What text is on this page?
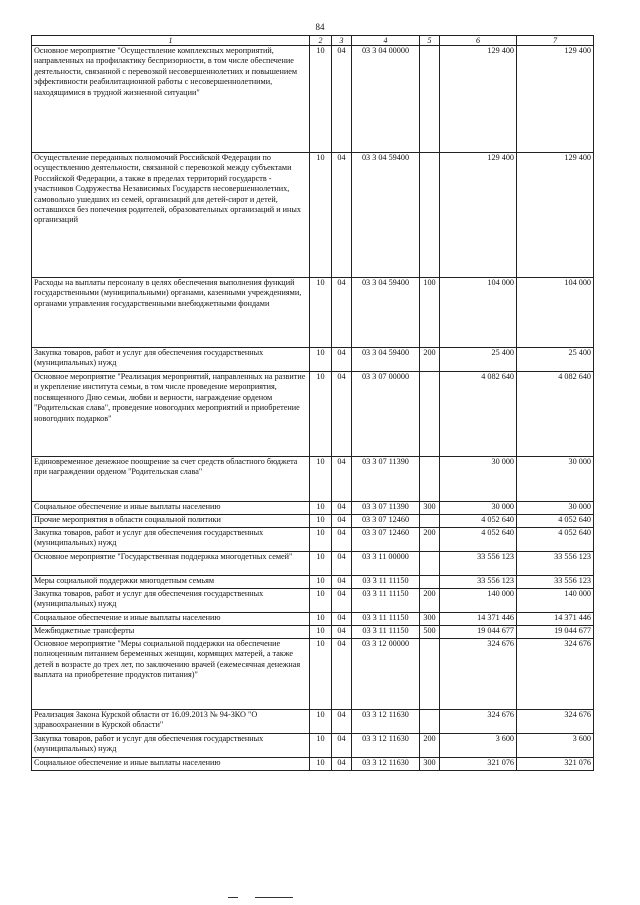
84
1	2	3	4	5	6	7
Основное мероприятие "Осуществление комплексных мероприятий, направленных на профилактику беспризорности, в том числе обеспечение деятельности, связанной с перевозкой несовершеннолетних и повышением эффективности реабилитационной работы с несовершеннолетними, находящимися в трудной жизненной ситуации"	10	04	03 3 04 00000		129 400	129 400
Осуществление переданных полномочий Российской Федерации по осуществлению деятельности, связанной с перевозкой между субъектами Российской Федерации, а также в пределах территорий государств - участников Содружества Независимых Государств несовершеннолетних, самовольно ушедших из семей, организаций для детей-сирот и детей, оставшихся без попечения родителей, образовательных организаций и иных организаций	10	04	03 3 04 59400		129 400	129 400
Расходы на выплаты персоналу в целях обеспечения выполнения функций государственными (муниципальными) органами, казенными учреждениями, органами управления государственными внебюджетными фондами	10	04	03 3 04 59400	100	104 000	104 000
Закупка товаров, работ и услуг для обеспечения государственных (муниципальных) нужд	10	04	03 3 04 59400	200	25 400	25 400
Основное мероприятие "Реализация мероприятий, направленных на развитие и укрепление института семьи, в том числе проведение мероприятия, посвященного Дню семьи, любви и верности, награждение орденом "Родительская слава", проведение новогодних мероприятий и приобретение новогодних подарков"	10	04	03 3 07 00000		4 082 640	4 082 640
Единовременное денежное поощрение за счет средств областного бюджета при награждении орденом "Родительская слава"	10	04	03 3 07 11390		30 000	30 000
Социальное обеспечение и иные выплаты населению	10	04	03 3 07 11390	300	30 000	30 000
Прочие мероприятия в области социальной политики	10	04	03 3 07 12460		4 052 640	4 052 640
Закупка товаров, работ и услуг для обеспечения государственных (муниципальных) нужд	10	04	03 3 07 12460	200	4 052 640	4 052 640
Основное мероприятие "Государственная поддержка многодетных семей"	10	04	03 3 11 00000		33 556 123	33 556 123
Меры социальной поддержки многодетным семьям	10	04	03 3 11 11150		33 556 123	33 556 123
Закупка товаров, работ и услуг для обеспечения государственных (муниципальных) нужд	10	04	03 3 11 11150	200	140 000	140 000
Социальное обеспечение и иные выплаты населению	10	04	03 3 11 11150	300	14 371 446	14 371 446
Межбюджетные трансферты	10	04	03 3 11 11150	500	19 044 677	19 044 677
Основное мероприятие "Меры социальной поддержки на обеспечение полноценным питанием беременных женщин, кормящих матерей, а также детей в возрасте до трех лет, по заключению врачей (ежемесячная денежная выплата на приобретение продуктов питания)"	10	04	03 3 12 00000		324 676	324 676
Реализация Закона Курской области от 16.09.2013 № 94-ЗКО "О здравоохранении в Курской области"	10	04	03 3 12 11630		324 676	324 676
Закупка товаров, работ и услуг для обеспечения государственных (муниципальных) нужд	10	04	03 3 12 11630	200	3 600	3 600
Социальное обеспечение и иные выплаты населению	10	04	03 3 12 11630	300	321 076	321 076
